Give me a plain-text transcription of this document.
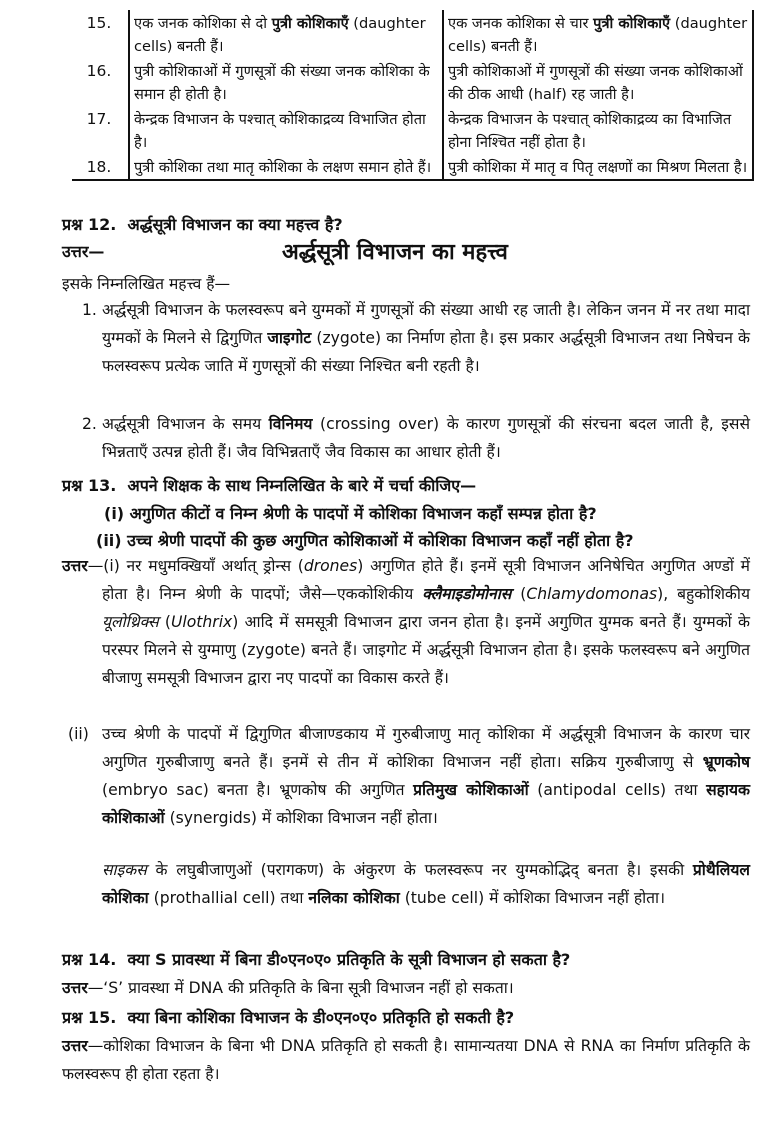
15.	एक जनक कोशिका से दो पुत्री कोशिकाएँ (daughter cells) बनती हैं।	एक जनक कोशिका से चार पुत्री कोशिकाएँ (daughter cells) बनती हैं।
16.	पुत्री कोशिकाओं में गुणसूत्रों की संख्या जनक कोशिका के समान ही होती है।	पुत्री कोशिकाओं में गुणसूत्रों की संख्या जनक कोशिकाओं की ठीक आधी (half) रह जाती है।
17.	केन्द्रक विभाजन के पश्चात् कोशिकाद्रव्य विभाजित होता है।	केन्द्रक विभाजन के पश्चात् कोशिकाद्रव्य का विभाजित होना निश्चित नहीं होता है।
18.	पुत्री कोशिका तथा मातृ कोशिका के लक्षण समान होते हैं।	पुत्री कोशिका में मातृ व पितृ लक्षणों का मिश्रण मिलता है।
प्रश्न 12. अर्द्धसूत्री विभाजन का क्या महत्त्व है?
उत्तर—	अर्द्धसूत्री विभाजन का महत्त्व
इसके निम्नलिखित महत्त्व हैं—
1. अर्द्धसूत्री विभाजन के फलस्वरूप बने युग्मकों में गुणसूत्रों की संख्या आधी रह जाती है। लेकिन जनन में नर तथा मादा युग्मकों के मिलने से द्विगुणित जाइगोट (zygote) का निर्माण होता है। इस प्रकार अर्द्धसूत्री विभाजन तथा निषेचन के फलस्वरूप प्रत्येक जाति में गुणसूत्रों की संख्या निश्चित बनी रहती है।
2. अर्द्धसूत्री विभाजन के समय विनिमय (crossing over) के कारण गुणसूत्रों की संरचना बदल जाती है, इससे भिन्नताएँ उत्पन्न होती हैं। जैव विभिन्नताएँ जैव विकास का आधार होती हैं।
प्रश्न 13. अपने शिक्षक के साथ निम्नलिखित के बारे में चर्चा कीजिए—
(i) अगुणित कीटों व निम्न श्रेणी के पादपों में कोशिका विभाजन कहाँ सम्पन्न होता है?
(ii) उच्च श्रेणी पादपों की कुछ अगुणित कोशिकाओं में कोशिका विभाजन कहाँ नहीं होता है?
उत्तर—(i) नर मधुमक्खियाँ अर्थात् ड्रोन्स (drones) अगुणित होते हैं। इनमें सूत्री विभाजन अनिषेचित अगुणित अण्डों में होता है। निम्न श्रेणी के पादपों; जैसे—एककोशिकीय क्लैमाइडोमोनास (Chlamydomonas), बहुकोशिकीय यूलोथ्रिक्स (Ulothrix) आदि में समसूत्री विभाजन द्वारा जनन होता है। इनमें अगुणित युग्मक बनते हैं। युग्मकों के परस्पर मिलने से युग्माणु (zygote) बनते हैं। जाइगोट में अर्द्धसूत्री विभाजन होता है। इसके फलस्वरूप बने अगुणित बीजाणु समसूत्री विभाजन द्वारा नए पादपों का विकास करते हैं।
(ii) उच्च श्रेणी के पादपों में द्विगुणित बीजाण्डकाय में गुरुबीजाणु मातृ कोशिका में अर्द्धसूत्री विभाजन के कारण चार अगुणित गुरुबीजाणु बनते हैं। इनमें से तीन में कोशिका विभाजन नहीं होता। सक्रिय गुरुबीजाणु से भ्रूणकोष (embryo sac) बनता है। भ्रूणकोष की अगुणित प्रतिमुख कोशिकाओं (antipodal cells) तथा सहायक कोशिकाओं (synergids) में कोशिका विभाजन नहीं होता।
साइकस के लघुबीजाणुओं (परागकण) के अंकुरण के फलस्वरूप नर युग्मकोद्भिद् बनता है। इसकी प्रोथैलियल कोशिका (prothallial cell) तथा नलिका कोशिका (tube cell) में कोशिका विभाजन नहीं होता।
प्रश्न 14. क्या S प्रावस्था में बिना डी०एन०ए० प्रतिकृति के सूत्री विभाजन हो सकता है?
उत्तर—‘S’ प्रावस्था में DNA की प्रतिकृति के बिना सूत्री विभाजन नहीं हो सकता।
प्रश्न 15. क्या बिना कोशिका विभाजन के डी०एन०ए० प्रतिकृति हो सकती है?
उत्तर—कोशिका विभाजन के बिना भी DNA प्रतिकृति हो सकती है। सामान्यतया DNA से RNA का निर्माण प्रतिकृति के फलस्वरूप ही होता रहता है।
